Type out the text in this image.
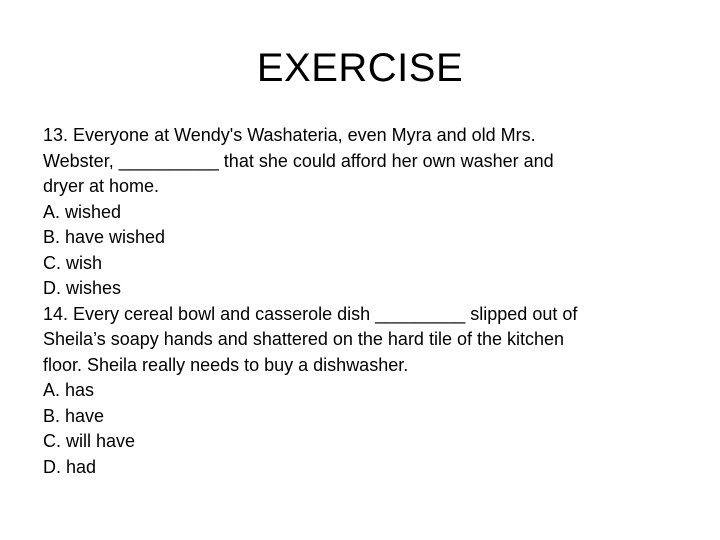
EXERCISE

13. Everyone at Wendy's Washateria, even Myra and old Mrs.
Webster, __________ that she could afford her own washer and
dryer at home.

A. wished

B. have wished

C. wish

D. wishes

14. Every cereal bowl and casserole dish _________ slipped out of
Sheila’s soapy hands and shattered on the hard tile of the kitchen
floor. Sheila really needs to buy a dishwasher.

A. has

B. have

C. will have

D. had
